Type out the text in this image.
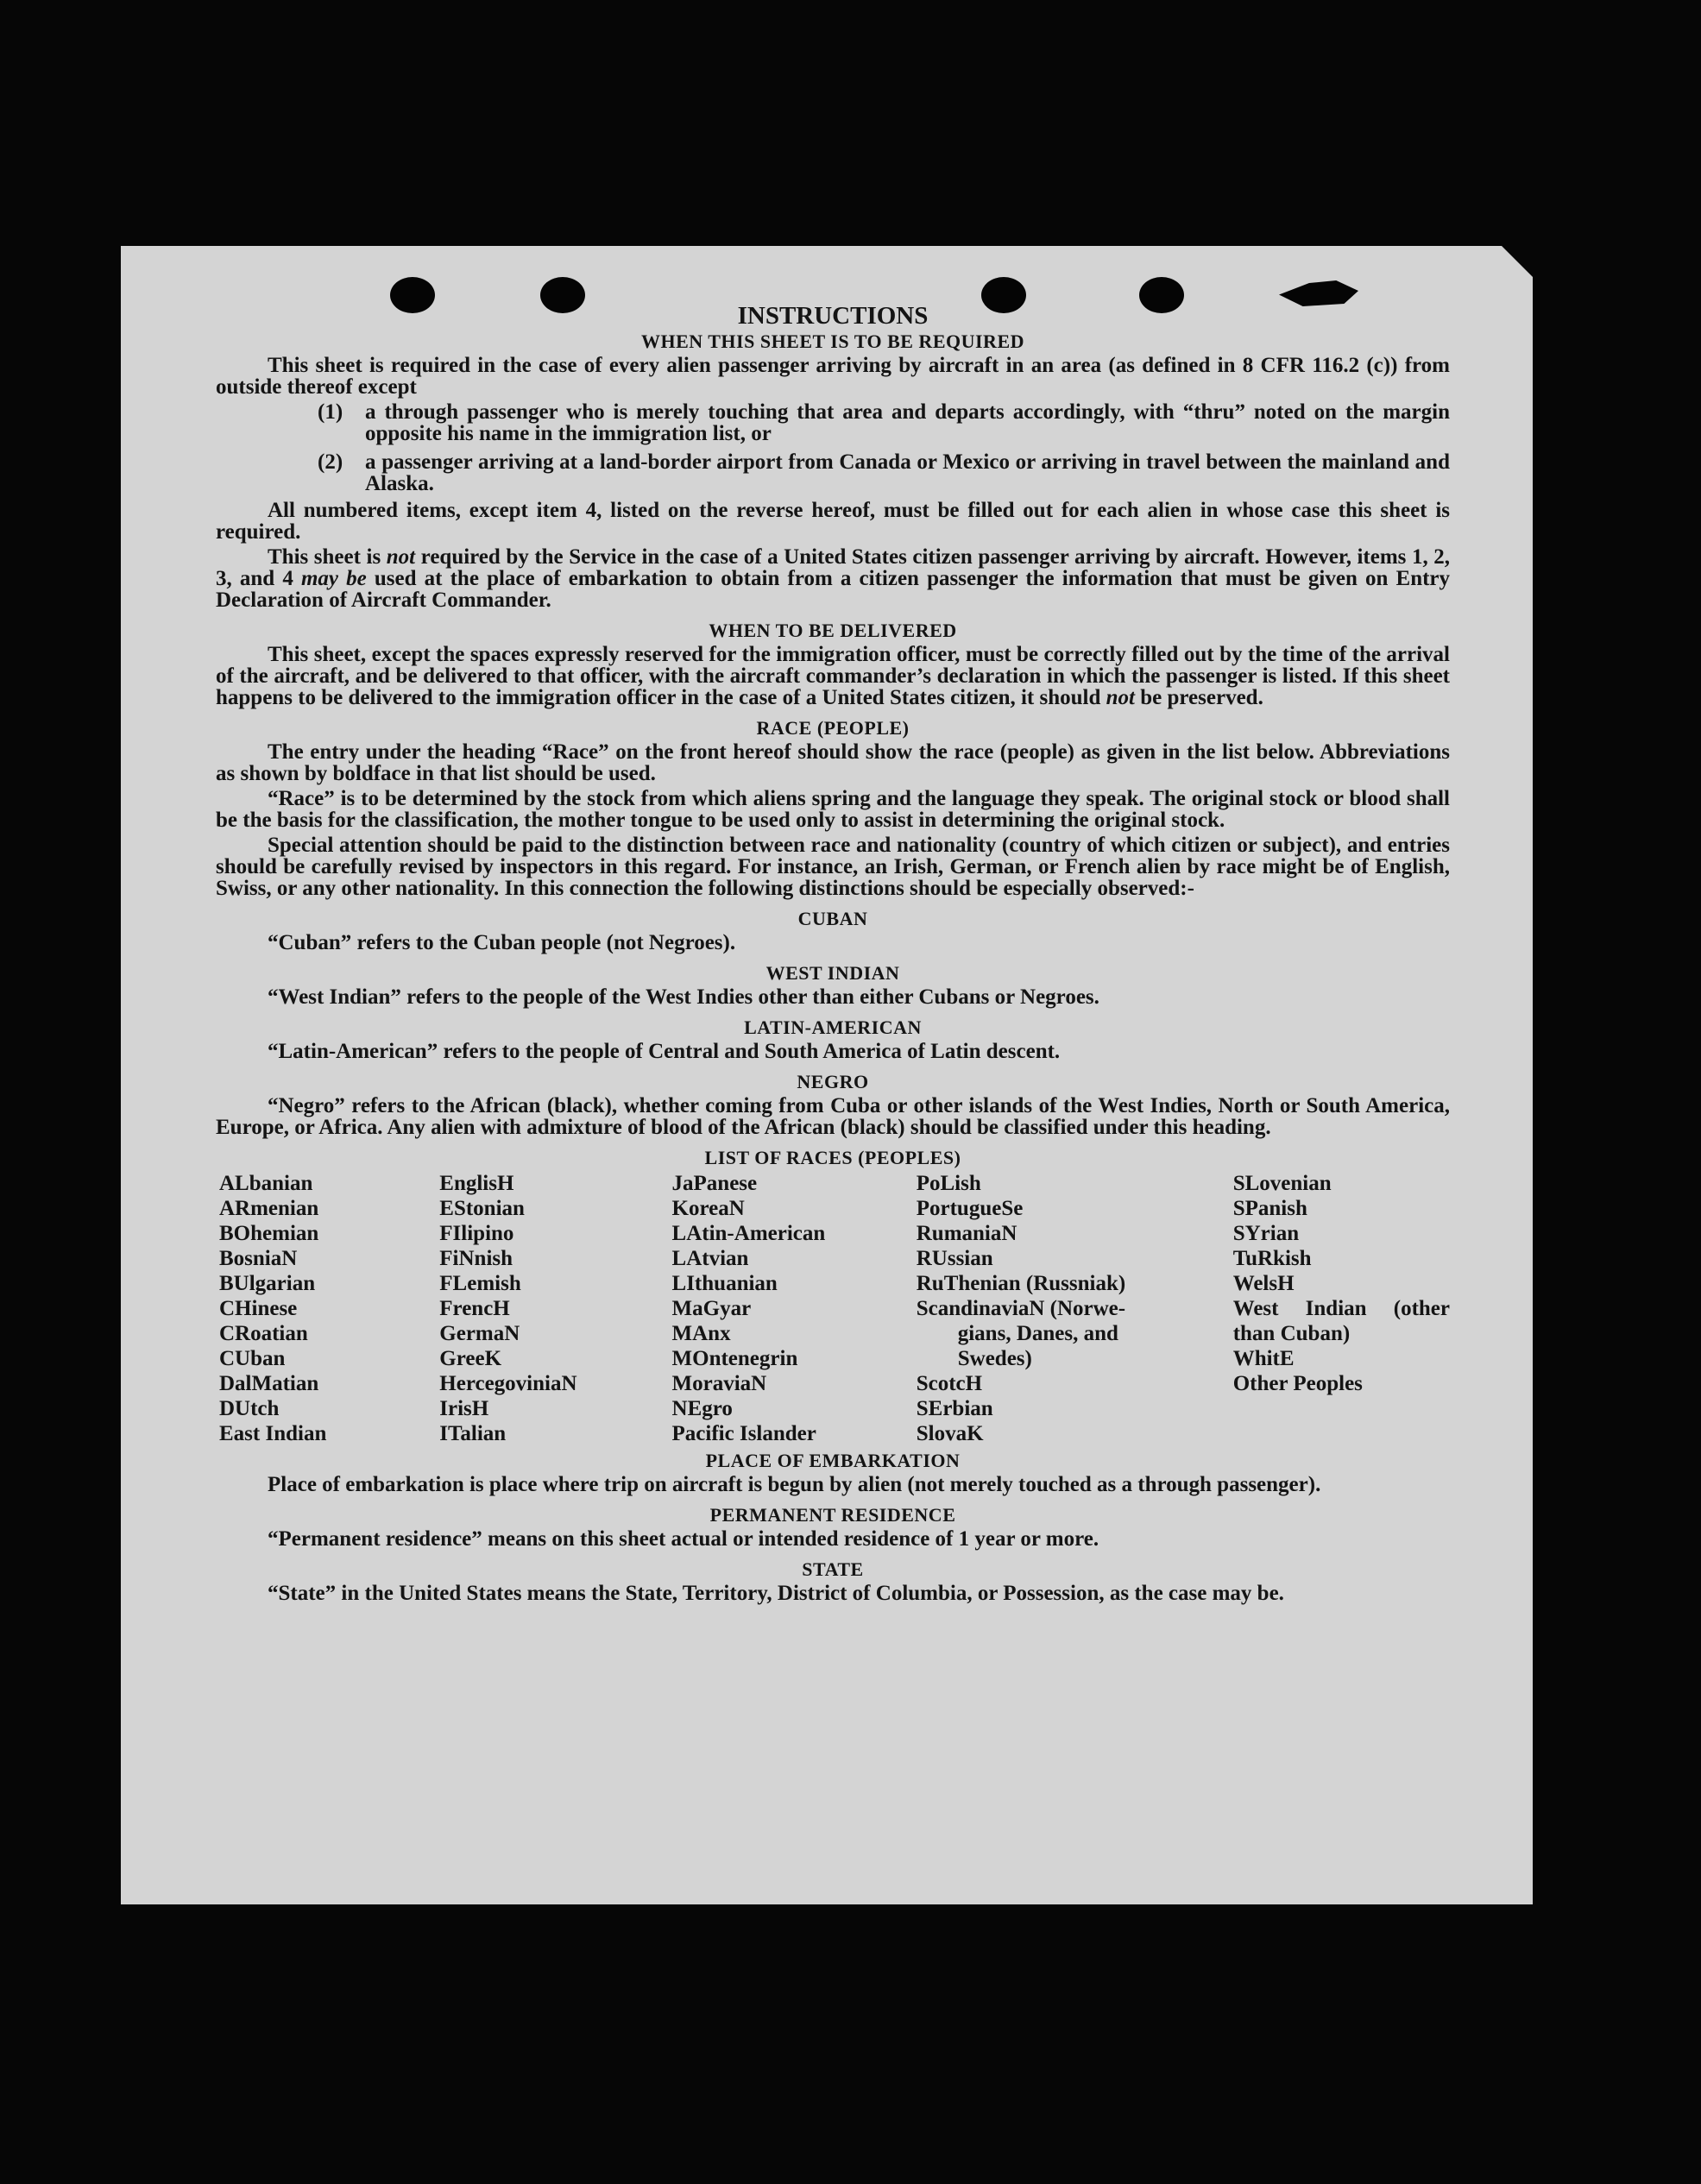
INSTRUCTIONS
WHEN THIS SHEET IS TO BE REQUIRED

This sheet is required in the case of every alien passenger arriving by aircraft in an area (as defined in 8 CFR 116.2 (c)) from outside thereof except

(1)	a through passenger who is merely touching that area and departs accordingly, with “thru” noted on the margin opposite his name in the immigration list, or
(2)	a passenger arriving at a land-border airport from Canada or Mexico or arriving in travel between the mainland and Alaska.

All numbered items, except item 4, listed on the reverse hereof, must be filled out for each alien in whose case this sheet is required.

This sheet is not required by the Service in the case of a United States citizen passenger arriving by aircraft. However, items 1, 2, 3, and 4 may be used at the place of embarkation to obtain from a citizen passenger the information that must be given on Entry Declaration of Aircraft Commander.

WHEN TO BE DELIVERED

This sheet, except the spaces expressly reserved for the immigration officer, must be correctly filled out by the time of the arrival of the aircraft, and be delivered to that officer, with the aircraft commander’s declaration in which the passenger is listed. If this sheet happens to be delivered to the immigration officer in the case of a United States citizen, it should not be preserved.

RACE (PEOPLE)

The entry under the heading “Race” on the front hereof should show the race (people) as given in the list below. Abbreviations as shown by boldface in that list should be used.

“Race” is to be determined by the stock from which aliens spring and the language they speak. The original stock or blood shall be the basis for the classification, the mother tongue to be used only to assist in determining the original stock.

Special attention should be paid to the distinction between race and nationality (country of which citizen or subject), and entries should be carefully revised by inspectors in this regard. For instance, an Irish, German, or French alien by race might be of English, Swiss, or any other nationality. In this connection the following distinctions should be especially observed:-

CUBAN

“Cuban” refers to the Cuban people (not Negroes).

WEST INDIAN

“West Indian” refers to the people of the West Indies other than either Cubans or Negroes.

LATIN-AMERICAN

“Latin-American” refers to the people of Central and South America of Latin descent.

NEGRO

“Negro” refers to the African (black), whether coming from Cuba or other islands of the West Indies, North or South America, Europe, or Africa. Any alien with admixture of blood of the African (black) should be classified under this heading.

LIST OF RACES (PEOPLES)
ALbanian
ARmenian
BOhemian
BosniaN
BUlgarian
CHinese
CRoatian
CUban
DalMatian
DUtch
East Indian
EnglisH
EStonian
FIlipino
FiNnish
FLemish
FrencH
GermaN
GreeK
HercegoviniaN
IrisH
ITalian
JaPanese
KoreaN
LAtin-American
LAtvian
LIthuanian
MaGyar
MAnx
MOntenegrin
MoraviaN
NEgro
Pacific Islander
PoLish
PortugueSe
RumaniaN
RUssian
RuThenian (Russniak)
ScandinaviaN (Norwe-
gians, Danes, and
Swedes)
ScotcH
SErbian
SlovaK
SLovenian
SPanish
SYrian
TuRkish
WelsH
West Indian (other than Cuban)
WhitE
Other Peoples
PLACE OF EMBARKATION

Place of embarkation is place where trip on aircraft is begun by alien (not merely touched as a through passenger).

PERMANENT RESIDENCE

“Permanent residence” means on this sheet actual or intended residence of 1 year or more.

STATE

“State” in the United States means the State, Territory, District of Columbia, or Possession, as the case may be.
